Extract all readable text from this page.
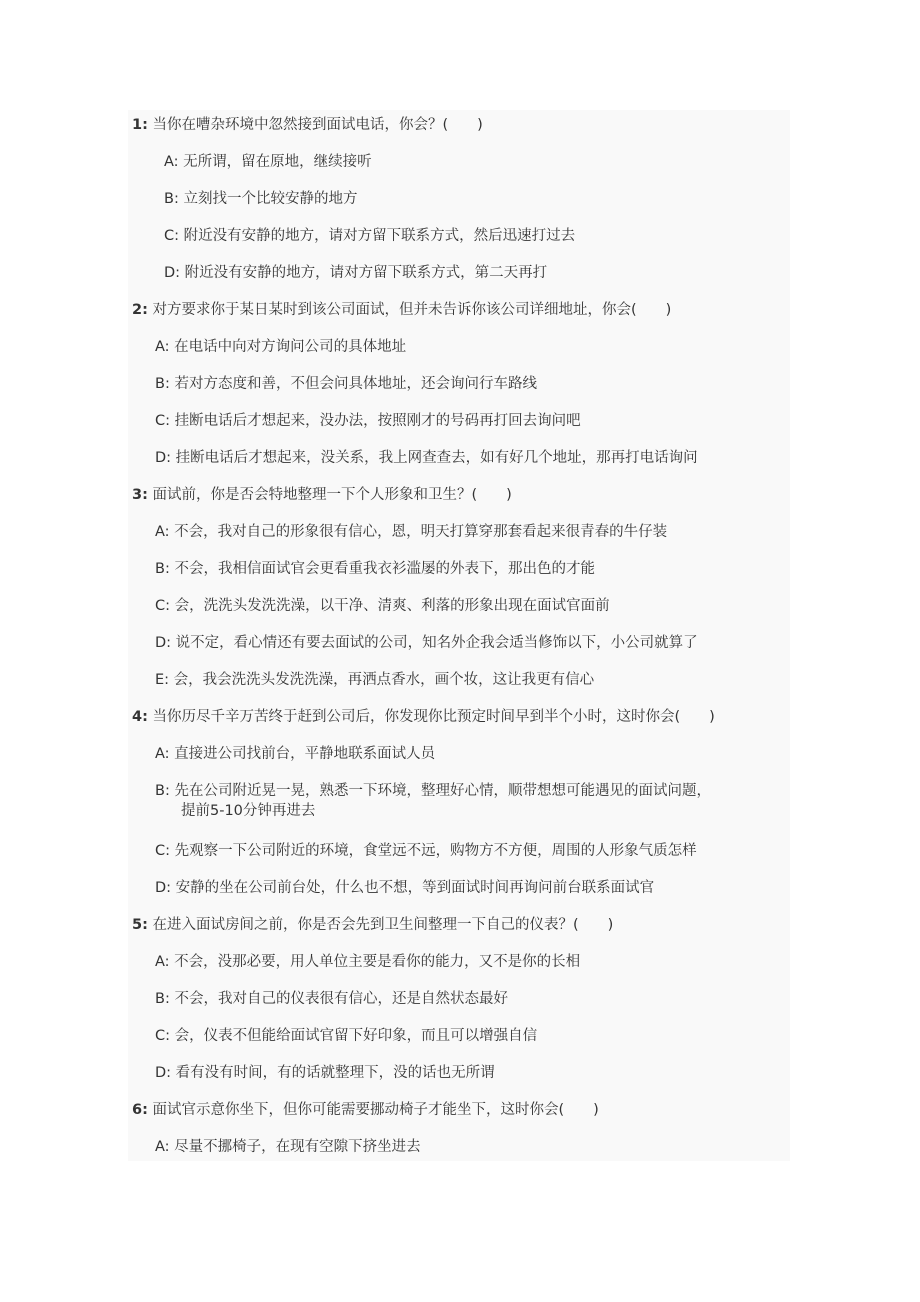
1: 当你在嘈杂环境中忽然接到面试电话，你会？(　　)
A: 无所谓，留在原地，继续接听
B: 立刻找一个比较安静的地方
C: 附近没有安静的地方，请对方留下联系方式，然后迅速打过去
D: 附近没有安静的地方，请对方留下联系方式，第二天再打
2: 对方要求你于某日某时到该公司面试，但并未告诉你该公司详细地址，你会(　　)
A: 在电话中向对方询问公司的具体地址
B: 若对方态度和善，不但会问具体地址，还会询问行车路线
C: 挂断电话后才想起来，没办法，按照刚才的号码再打回去询问吧
D: 挂断电话后才想起来，没关系，我上网查查去，如有好几个地址，那再打电话询问
3: 面试前，你是否会特地整理一下个人形象和卫生？(　　)
A: 不会，我对自己的形象很有信心，恩，明天打算穿那套看起来很青春的牛仔装
B: 不会，我相信面试官会更看重我衣衫滥屡的外表下，那出色的才能
C: 会，洗洗头发洗洗澡，以干净、清爽、利落的形象出现在面试官面前
D: 说不定，看心情还有要去面试的公司，知名外企我会适当修饰以下，小公司就算了
E: 会，我会洗洗头发洗洗澡，再洒点香水，画个妆，这让我更有信心
4: 当你历尽千辛万苦终于赶到公司后，你发现你比预定时间早到半个小时，这时你会(　　)
A: 直接进公司找前台，平静地联系面试人员
B: 先在公司附近晃一晃，熟悉一下环境，整理好心情，顺带想想可能遇见的面试问题，
提前5-10分钟再进去
C: 先观察一下公司附近的环境，食堂远不远，购物方不方便，周围的人形象气质怎样
D: 安静的坐在公司前台处，什么也不想，等到面试时间再询问前台联系面试官
5: 在进入面试房间之前，你是否会先到卫生间整理一下自己的仪表？(　　)
A: 不会，没那必要，用人单位主要是看你的能力，又不是你的长相
B: 不会，我对自己的仪表很有信心，还是自然状态最好
C: 会，仪表不但能给面试官留下好印象，而且可以增强自信
D: 看有没有时间，有的话就整理下，没的话也无所谓
6: 面试官示意你坐下，但你可能需要挪动椅子才能坐下，这时你会(　　)
A: 尽量不挪椅子，在现有空隙下挤坐进去
